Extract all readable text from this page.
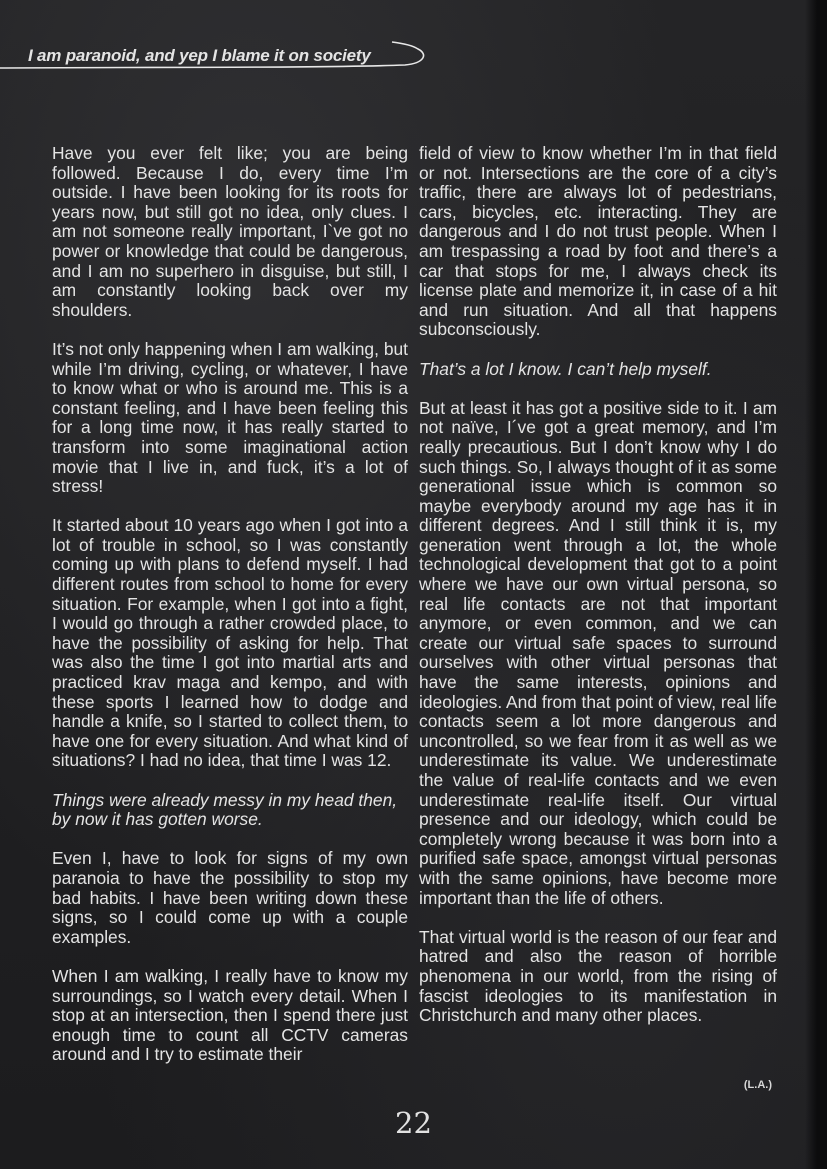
I am paranoid, and yep I blame it on society

Have you ever felt like; you are being followed. Because I do, every time I’m outside. I have been looking for its roots for years now, but still got no idea, only clues. I am not someone really important, I`ve got no power or knowledge that could be dangerous, and I am no superhero in disguise, but still, I am constantly looking back over my shoulders.

It’s not only happening when I am walking, but while I’m driving, cycling, or whatever, I have to know what or who is around me. This is a constant feeling, and I have been feeling this for a long time now, it has really started to transform into some imaginational action movie that I live in, and fuck, it’s a lot of stress!

It started about 10 years ago when I got into a lot of trouble in school, so I was constantly coming up with plans to defend myself. I had different routes from school to home for every situation. For example, when I got into a fight, I would go through a rather crowded place, to have the possibility of asking for help. That was also the time I got into martial arts and practiced krav maga and kempo, and with these sports I learned how to dodge and handle a knife, so I started to collect them, to have one for every situation. And what kind of situations? I had no idea, that time I was 12.

Things were already messy in my head then, by now it has gotten worse.

Even I, have to look for signs of my own paranoia to have the possibility to stop my bad habits. I have been writing down these signs, so I could come up with a couple examples.

When I am walking, I really have to know my surroundings, so I watch every detail. When I stop at an intersection, then I spend there just enough time to count all CCTV cameras around and I try to estimate their

field of view to know whether I’m in that field or not. Intersections are the core of a city’s traffic, there are always lot of pedestrians, cars, bicycles, etc. interacting. They are dangerous and I do not trust people. When I am trespassing a road by foot and there’s a car that stops for me, I always check its license plate and memorize it, in case of a hit and run situation. And all that happens subconsciously.

That’s a lot I know. I can’t help myself.

But at least it has got a positive side to it. I am not naïve, I´ve got a great memory, and I’m really precautious. But I don’t know why I do such things. So, I always thought of it as some generational issue which is common so maybe everybody around my age has it in different degrees. And I still think it is, my generation went through a lot, the whole technological development that got to a point where we have our own virtual persona, so real life contacts are not that important anymore, or even common, and we can create our virtual safe spaces to surround ourselves with other virtual personas that have the same interests, opinions and ideologies. And from that point of view, real life contacts seem a lot more dangerous and uncontrolled, so we fear from it as well as we underestimate its value. We underestimate the value of real-life contacts and we even underestimate real-life itself. Our virtual presence and our ideology, which could be completely wrong because it was born into a purified safe space, amongst virtual personas with the same opinions, have become more important than the life of others.

That virtual world is the reason of our fear and hatred and also the reason of horrible phenomena in our world, from the rising of fascist ideologies to its manifestation in Christchurch and many other places.

(L.A.)
22
